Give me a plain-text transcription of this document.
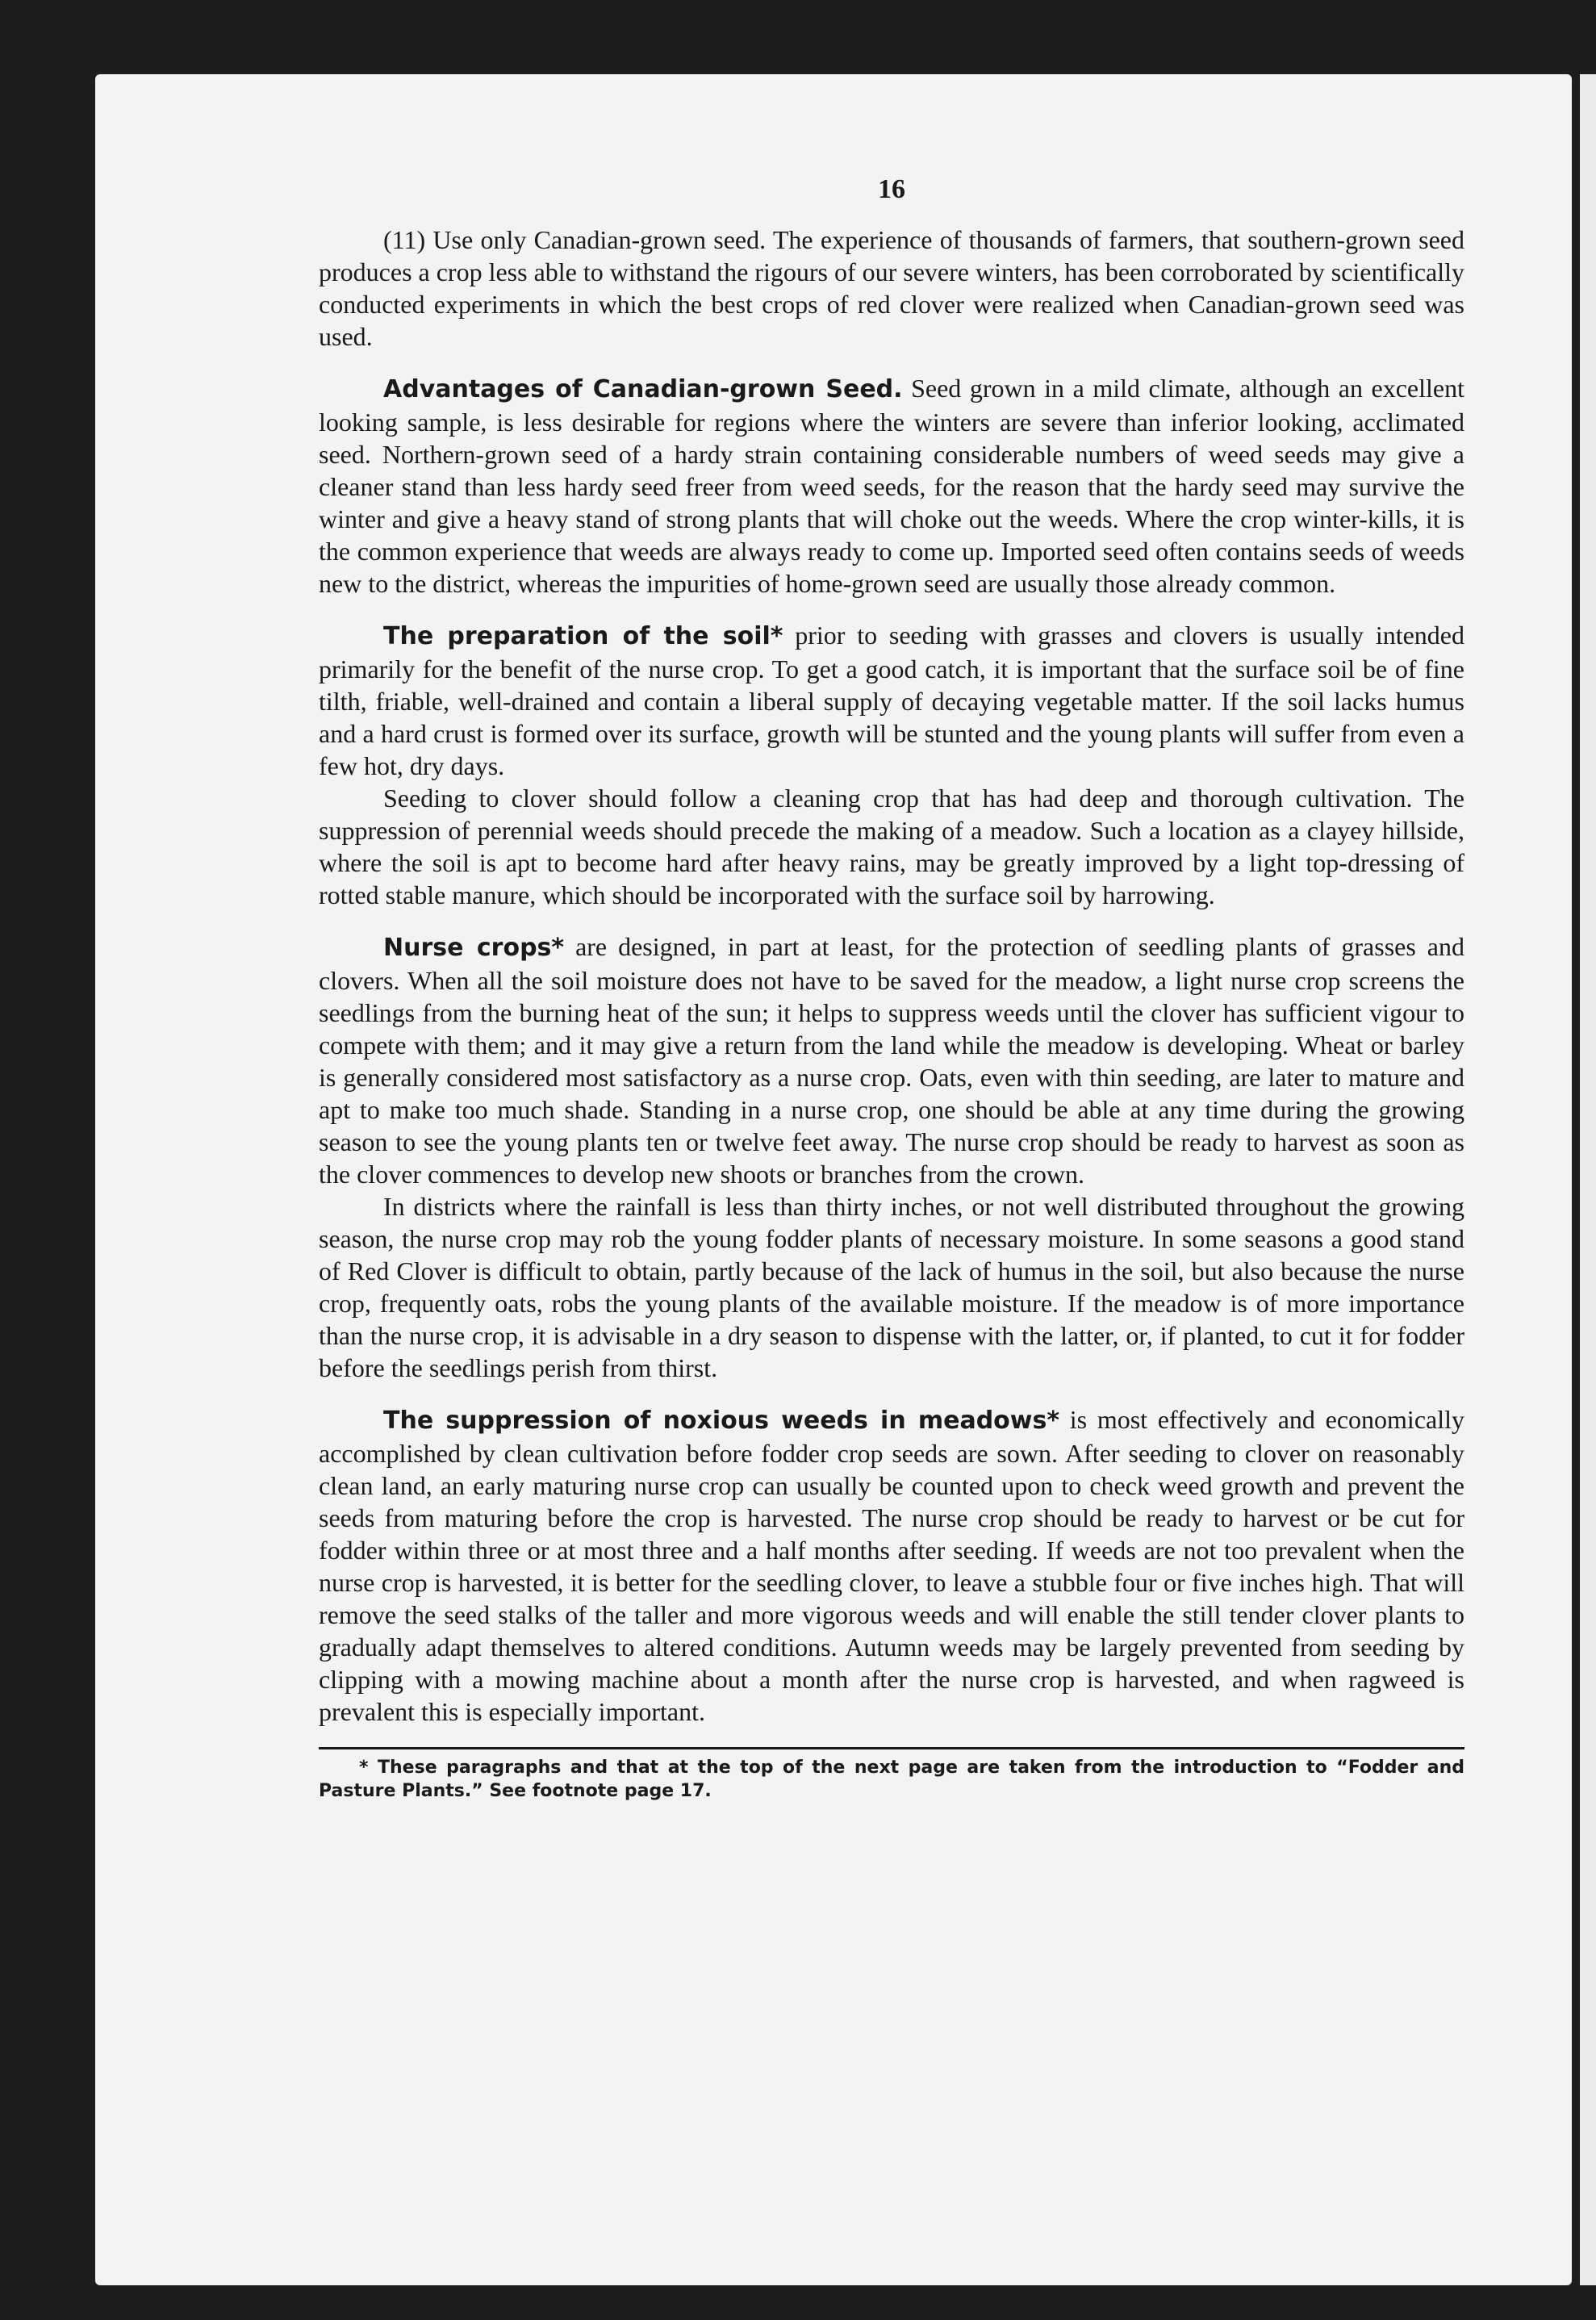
16

(11) Use only Canadian-grown seed. The experience of thousands of farmers, that southern-grown seed produces a crop less able to withstand the rigours of our severe winters, has been corroborated by scientifically conducted experiments in which the best crops of red clover were realized when Canadian-grown seed was used.

Advantages of Canadian-grown Seed. Seed grown in a mild climate, although an excellent looking sample, is less desirable for regions where the winters are severe than inferior looking, acclimated seed. Northern-grown seed of a hardy strain containing considerable numbers of weed seeds may give a cleaner stand than less hardy seed freer from weed seeds, for the reason that the hardy seed may survive the winter and give a heavy stand of strong plants that will choke out the weeds. Where the crop winter-kills, it is the common experience that weeds are always ready to come up. Imported seed often contains seeds of weeds new to the district, whereas the impurities of home-grown seed are usually those already common.

The preparation of the soil* prior to seeding with grasses and clovers is usually intended primarily for the benefit of the nurse crop. To get a good catch, it is important that the surface soil be of fine tilth, friable, well-drained and contain a liberal supply of decaying vegetable matter. If the soil lacks humus and a hard crust is formed over its surface, growth will be stunted and the young plants will suffer from even a few hot, dry days.

Seeding to clover should follow a cleaning crop that has had deep and thorough cultivation. The suppression of perennial weeds should precede the making of a meadow. Such a location as a clayey hillside, where the soil is apt to become hard after heavy rains, may be greatly improved by a light top-dressing of rotted stable manure, which should be incorporated with the surface soil by harrowing.

Nurse crops* are designed, in part at least, for the protection of seedling plants of grasses and clovers. When all the soil moisture does not have to be saved for the meadow, a light nurse crop screens the seedlings from the burning heat of the sun; it helps to suppress weeds until the clover has sufficient vigour to compete with them; and it may give a return from the land while the meadow is developing. Wheat or barley is generally considered most satisfactory as a nurse crop. Oats, even with thin seeding, are later to mature and apt to make too much shade. Standing in a nurse crop, one should be able at any time during the growing season to see the young plants ten or twelve feet away. The nurse crop should be ready to harvest as soon as the clover commences to develop new shoots or branches from the crown.

In districts where the rainfall is less than thirty inches, or not well distributed throughout the growing season, the nurse crop may rob the young fodder plants of necessary moisture. In some seasons a good stand of Red Clover is difficult to obtain, partly because of the lack of humus in the soil, but also because the nurse crop, frequently oats, robs the young plants of the available moisture. If the meadow is of more importance than the nurse crop, it is advisable in a dry season to dispense with the latter, or, if planted, to cut it for fodder before the seedlings perish from thirst.

The suppression of noxious weeds in meadows* is most effectively and economically accomplished by clean cultivation before fodder crop seeds are sown. After seeding to clover on reasonably clean land, an early maturing nurse crop can usually be counted upon to check weed growth and prevent the seeds from maturing before the crop is harvested. The nurse crop should be ready to harvest or be cut for fodder within three or at most three and a half months after seeding. If weeds are not too prevalent when the nurse crop is harvested, it is better for the seedling clover, to leave a stubble four or five inches high. That will remove the seed stalks of the taller and more vigorous weeds and will enable the still tender clover plants to gradually adapt themselves to altered conditions. Autumn weeds may be largely prevented from seeding by clipping with a mowing machine about a month after the nurse crop is harvested, and when ragweed is prevalent this is especially important.

* These paragraphs and that at the top of the next page are taken from the introduction to “Fodder and Pasture Plants.” See footnote page 17.
